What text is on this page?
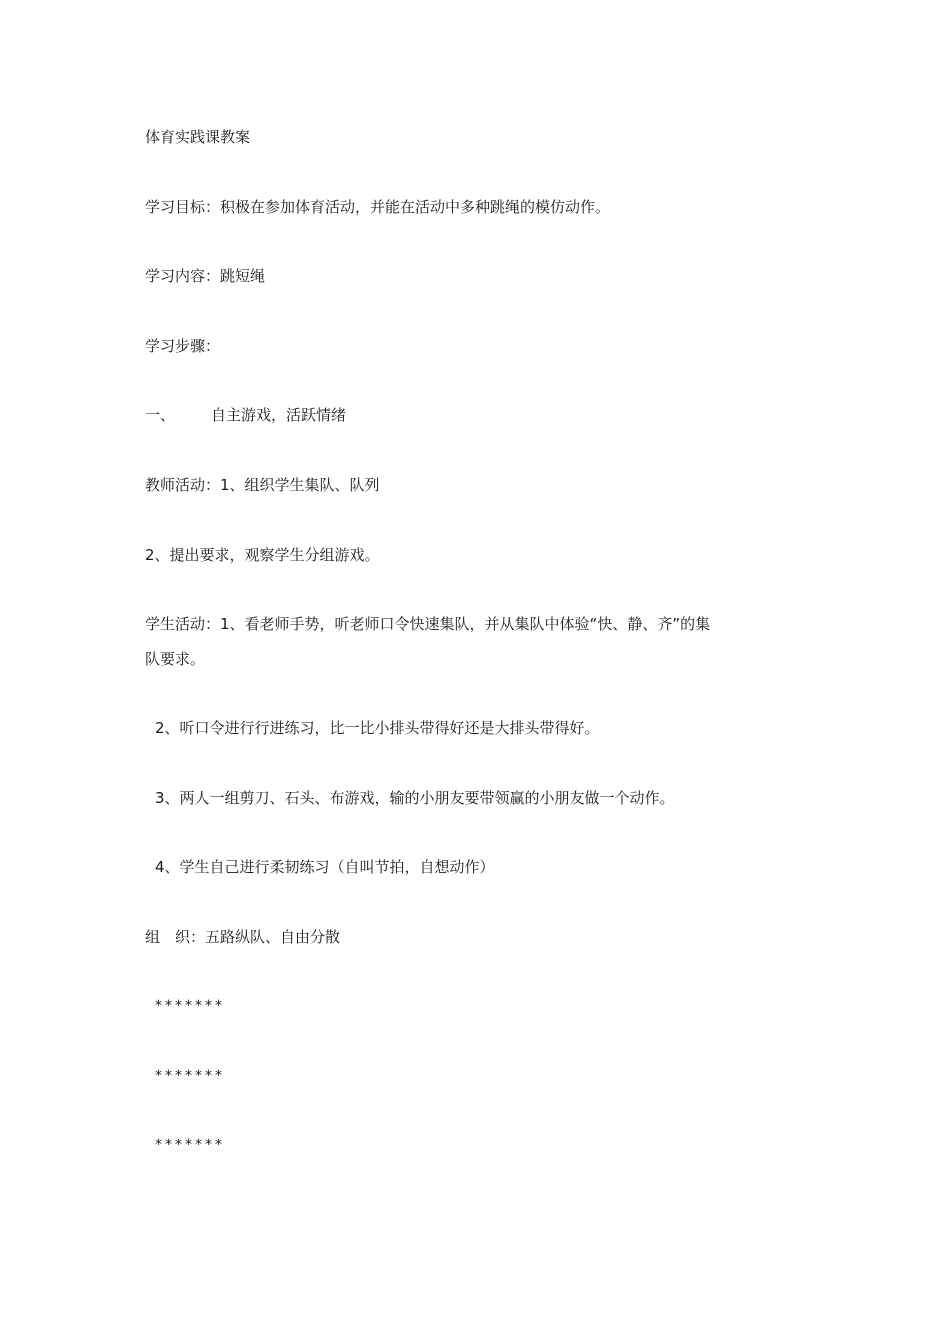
体育实践课教案
学习目标：积极在参加体育活动，并能在活动中多种跳绳的模仿动作。
学习内容：跳短绳
学习步骤：
一、 自主游戏，活跃情绪
教师活动：1、组织学生集队、队列
2、提出要求，观察学生分组游戏。
学生活动：1、看老师手势，听老师口令快速集队，并从集队中体验“快、静、齐”的集
队要求。
2、听口令进行行进练习，比一比小排头带得好还是大排头带得好。
3、两人一组剪刀、石头、布游戏，输的小朋友要带领赢的小朋友做一个动作。
4、学生自己进行柔韧练习（自叫节拍，自想动作）
组 织：五路纵队、自由分散
*******
*******
*******
